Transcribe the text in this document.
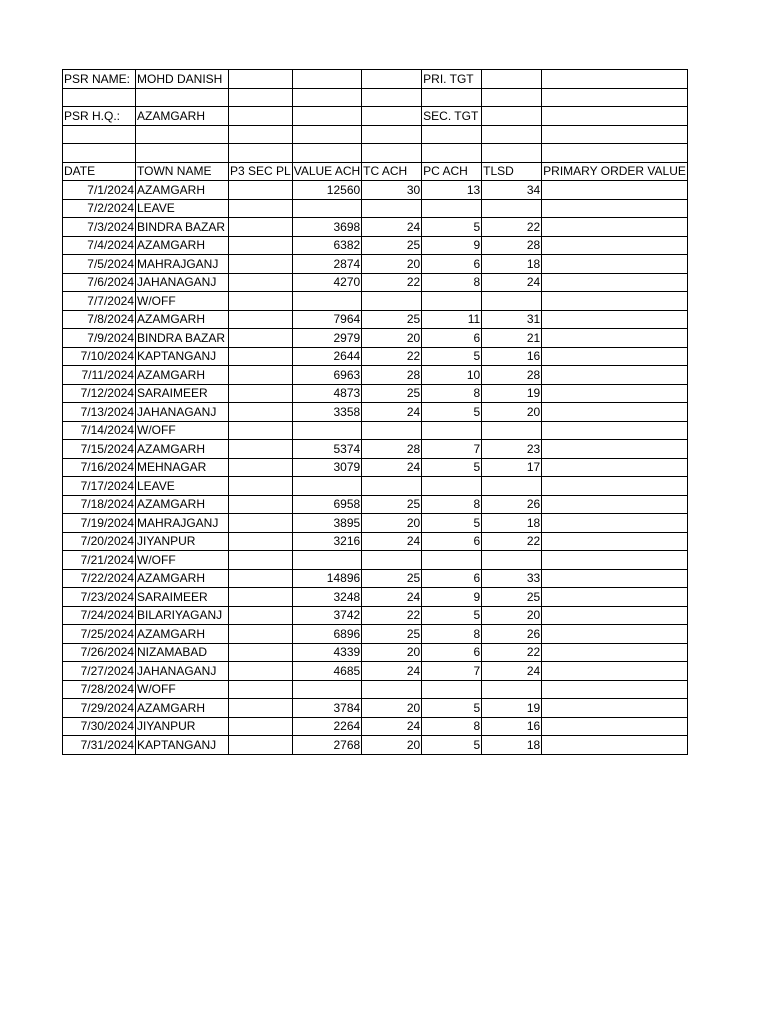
PSR NAME:	MOHD DANISH				PRI. TGT		

PSR H.Q.:	AZAMGARH				SEC. TGT		

DATE	TOWN NAME	P3 SEC PL	VALUE ACH	TC ACH	PC ACH	TLSD	PRIMARY ORDER VALUE
7/1/2024	AZAMGARH		12560	30	13	34	
7/2/2024	LEAVE						
7/3/2024	BINDRA BAZAR		3698	24	5	22	
7/4/2024	AZAMGARH		6382	25	9	28	
7/5/2024	MAHRAJGANJ		2874	20	6	18	
7/6/2024	JAHANAGANJ		4270	22	8	24	
7/7/2024	W/OFF						
7/8/2024	AZAMGARH		7964	25	11	31	
7/9/2024	BINDRA BAZAR		2979	20	6	21	
7/10/2024	KAPTANGANJ		2644	22	5	16	
7/11/2024	AZAMGARH		6963	28	10	28	
7/12/2024	SARAIMEER		4873	25	8	19	
7/13/2024	JAHANAGANJ		3358	24	5	20	
7/14/2024	W/OFF						
7/15/2024	AZAMGARH		5374	28	7	23	
7/16/2024	MEHNAGAR		3079	24	5	17	
7/17/2024	LEAVE						
7/18/2024	AZAMGARH		6958	25	8	26	
7/19/2024	MAHRAJGANJ		3895	20	5	18	
7/20/2024	JIYANPUR		3216	24	6	22	
7/21/2024	W/OFF						
7/22/2024	AZAMGARH		14896	25	6	33	
7/23/2024	SARAIMEER		3248	24	9	25	
7/24/2024	BILARIYAGANJ		3742	22	5	20	
7/25/2024	AZAMGARH		6896	25	8	26	
7/26/2024	NIZAMABAD		4339	20	6	22	
7/27/2024	JAHANAGANJ		4685	24	7	24	
7/28/2024	W/OFF						
7/29/2024	AZAMGARH		3784	20	5	19	
7/30/2024	JIYANPUR		2264	24	8	16	
7/31/2024	KAPTANGANJ		2768	20	5	18	
